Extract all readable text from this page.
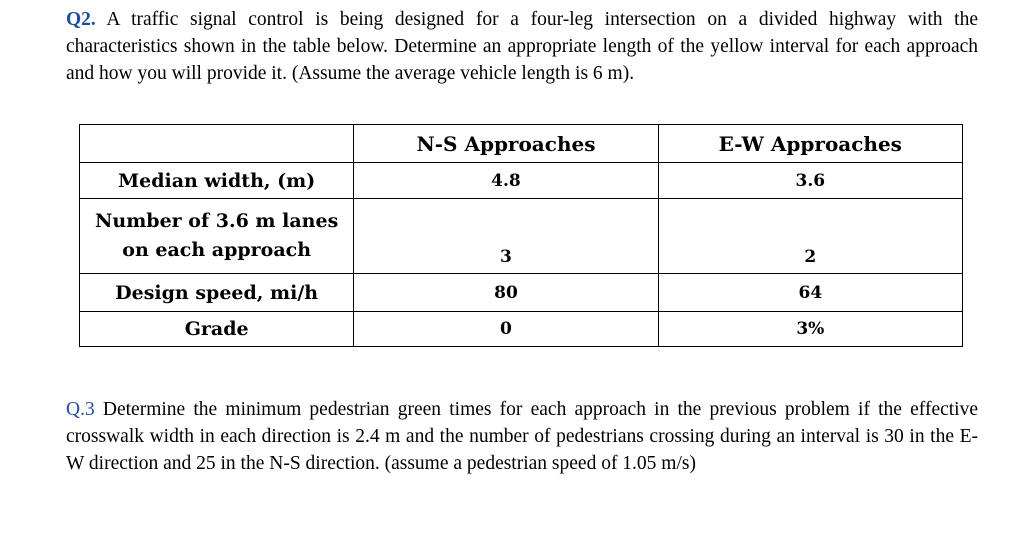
Q2. A traffic signal control is being designed for a four-leg intersection on a divided highway with the characteristics shown in the table below. Determine an appropriate length of the yellow interval for each approach and how you will provide it. (Assume the average vehicle length is 6 m).
	N-S Approaches	E-W Approaches
Median width, (m)	4.8	3.6
Number of 3.6 m lanes
on each approach	3	2
Design speed, mi/h	80	64
Grade	0	3%
Q.3 Determine the minimum pedestrian green times for each approach in the previous problem if the effective crosswalk width in each direction is 2.4 m and the number of pedestrians crossing during an interval is 30 in the E-W direction and 25 in the N-S direction. (assume a pedestrian speed of 1.05 m/s)
